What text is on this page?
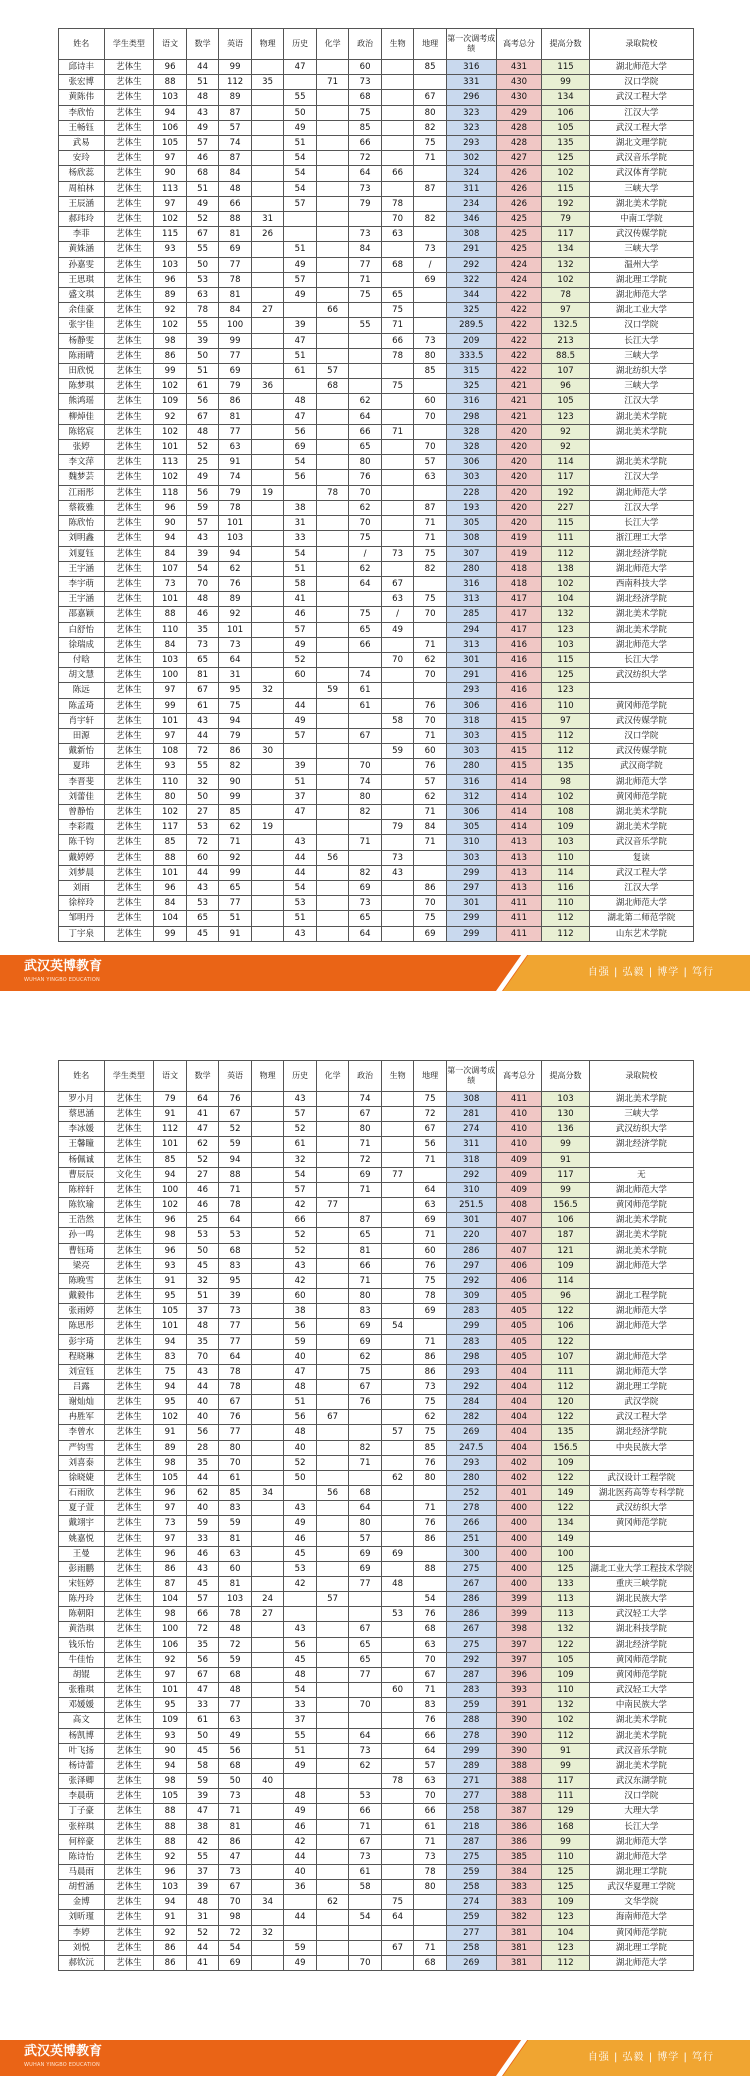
姓名	学生类型	语文	数学	英语	物理	历史	化学	政治	生物	地理	第一次调考成绩	高考总分	提高分数	录取院校
邱诗丰	艺体生	96	44	99		47		60		85	316	431	115	湖北师范大学
张宏博	艺体生	88	51	112	35		71	73			331	430	99	汉口学院
黄陈伟	艺体生	103	48	89		55		68		67	296	430	134	武汉工程大学
李欣怡	艺体生	94	43	87		50		75		80	323	429	106	江汉大学
王畅钰	艺体生	106	49	57		49		85		82	323	428	105	武汉工程大学
武易	艺体生	105	57	74		51		66		75	293	428	135	湖北文理学院
安玲	艺体生	97	46	87		54		72		71	302	427	125	武汉音乐学院
杨欣蕊	艺体生	90	68	84		54		64	66		324	426	102	武汉体育学院
周柏林	艺体生	113	51	48		54		73		87	311	426	115	三峡大学
王辰涵	艺体生	97	49	66		57		79	78		234	426	192	湖北美术学院
郝玮玲	艺体生	102	52	88	31				70	82	346	425	79	中南工学院
李菲	艺体生	115	67	81	26			73	63		308	425	117	武汉传媒学院
黄姝涵	艺体生	93	55	69		51		84		73	291	425	134	三峡大学
孙嘉雯	艺体生	103	50	77		49		77	68	/	292	424	132	温州大学
王思琪	艺体生	96	53	78		57		71		69	322	424	102	湖北理工学院
盛文琪	艺体生	89	63	81		49		75	65		344	422	78	湖北师范大学
余佳豪	艺体生	92	78	84	27		66		75		325	422	97	湖北工业大学
张宇佳	艺体生	102	55	100		39		55	71		289.5	422	132.5	汉口学院
杨静雯	艺体生	98	39	99		47			66	73	209	422	213	长江大学
陈雨晴	艺体生	86	50	77		51			78	80	333.5	422	88.5	三峡大学
田欣悦	艺体生	99	51	69		61	57			85	315	422	107	湖北纺织大学
陈梦琪	艺体生	102	61	79	36		68		75		325	421	96	三峡大学
熊鸿瑶	艺体生	109	56	86		48		62		60	316	421	105	江汉大学
柳焯佳	艺体生	92	67	81		47		64		70	298	421	123	湖北美术学院
陈铭宸	艺体生	102	48	77		56		66	71		328	420	92	湖北美术学院
张婷	艺体生	101	52	63		69		65		70	328	420	92	
李文萍	艺体生	113	25	91		54		80		57	306	420	114	湖北美术学院
魏梦芸	艺体生	102	49	74		56		76		63	303	420	117	江汉大学
江雨彤	艺体生	118	56	79	19		78	70			228	420	192	湖北师范大学
蔡筱雅	艺体生	96	59	78		38		62		87	193	420	227	江汉大学
陈欣怡	艺体生	90	57	101		31		70		71	305	420	115	长江大学
刘明鑫	艺体生	94	43	103		33		75		71	308	419	111	浙江理工大学
刘夏钰	艺体生	84	39	94		54		/	73	75	307	419	112	湖北经济学院
王宇涵	艺体生	107	54	62		51		62		82	280	418	138	湖北师范大学
李宇萌	艺体生	73	70	76		58		64	67		316	418	102	西南科技大学
王宇涵	艺体生	101	48	89		41			63	75	313	417	104	湖北经济学院
邵嘉颖	艺体生	88	46	92		46		75	/	70	285	417	132	湖北美术学院
白舒怡	艺体生	110	35	101		57		65	49		294	417	123	湖北美术学院
徐瑞成	艺体生	84	73	73		49		66		71	313	416	103	湖北师范大学
付晗	艺体生	103	65	64		52			70	62	301	416	115	长江大学
胡文慧	艺体生	100	81	31		60		74		70	291	416	125	武汉纺织大学
陈远	艺体生	97	67	95	32		59	61			293	416	123	
陈孟琦	艺体生	99	61	75		44		61		76	306	416	110	黄冈师范学院
肖宇轩	艺体生	101	43	94		49			58	70	318	415	97	武汉传媒学院
田源	艺体生	97	44	79		57		67		71	303	415	112	汉口学院
戴新怡	艺体生	108	72	86	30				59	60	303	415	112	武汉传媒学院
夏玮	艺体生	93	55	82		39		70		76	280	415	135	武汉商学院
李晋斐	艺体生	110	32	90		51		74		57	316	414	98	湖北师范大学
刘蕾佳	艺体生	80	50	99		37		80		62	312	414	102	黄冈师范学院
曾静怡	艺体生	102	27	85		47		82		71	306	414	108	湖北美术学院
李彩霞	艺体生	117	53	62	19				79	84	305	414	109	湖北美术学院
陈千钧	艺体生	85	72	71		43		71		71	310	413	103	武汉音乐学院
戴婷婷	艺体生	88	60	92		44	56		73		303	413	110	复读
刘梦晨	艺体生	101	44	99		44		82	43		299	413	114	武汉工程大学
刘雨	艺体生	96	43	65		54		69		86	297	413	116	江汉大学
徐梓玲	艺体生	84	53	77		53		73		70	301	411	110	湖北师范大学
邹明丹	艺体生	104	65	51		51		65		75	299	411	112	湖北第二师范学院
丁宇泉	艺体生	99	45	91		43		64		69	299	411	112	山东艺术学院
武汉英博教育
WUHAN YINGBO EDUCATION
自强 | 弘毅 | 博学 | 笃行
姓名	学生类型	语文	数学	英语	物理	历史	化学	政治	生物	地理	第一次调考成绩	高考总分	提高分数	录取院校
罗小月	艺体生	79	64	76		43		74		75	308	411	103	湖北美术学院
蔡思涵	艺体生	91	41	67		57		67		72	281	410	130	三峡大学
李冰媛	艺体生	112	47	52		52		80		67	274	410	136	武汉纺织大学
王馨瞳	艺体生	101	62	59		61		71		56	311	410	99	湖北经济学院
杨佩诚	艺体生	85	52	94		32		72		71	318	409	91	
曹辰辰	文化生	94	27	88		54		69	77		292	409	117	无
陈梓轩	艺体生	100	46	71		57		71		64	310	409	99	湖北师范大学
陈钦瑜	艺体生	102	46	78		42	77			63	251.5	408	156.5	黄冈师范学院
王浩然	艺体生	96	25	64		66		87		69	301	407	106	湖北美术学院
孙一鸣	艺体生	98	53	53		52		65		71	220	407	187	湖北美术学院
曹钰琦	艺体生	96	50	68		52		81		60	286	407	121	湖北美术学院
梁亮	艺体生	93	45	83		43		66		76	297	406	109	湖北师范大学
陈晚雪	艺体生	91	32	95		42		71		75	292	406	114	
戴毅伟	艺体生	95	51	39		60		80		78	309	405	96	湖北工程学院
张雨婷	艺体生	105	37	73		38		83		69	283	405	122	湖北师范大学
陈思彤	艺体生	101	48	77		56		69	54		299	405	106	湖北师范大学
彭宇琦	艺体生	94	35	77		59		69		71	283	405	122	
程晓琳	艺体生	83	70	64		40		62		86	298	405	107	湖北师范大学
刘宣钰	艺体生	75	43	78		47		75		86	293	404	111	湖北师范大学
吕露	艺体生	94	44	78		48		67		73	292	404	112	湖北理工学院
谢灿灿	艺体生	95	40	67		51		76		75	284	404	120	武汉学院
冉胜军	艺体生	102	40	76		56	67			62	282	404	122	武汉工程大学
李曾水	艺体生	91	56	77		48			57	75	269	404	135	湖北经济学院
严钧雪	艺体生	89	28	80		40		82		85	247.5	404	156.5	中央民族大学
刘喜泰	艺体生	98	35	70		52		71		76	293	402	109	
徐晓婕	艺体生	105	44	61		50			62	80	280	402	122	武汉设计工程学院
石雨欣	艺体生	96	62	85	34		56	68			252	401	149	湖北医药高等专科学院
夏子萱	艺体生	97	40	83		43		64		71	278	400	122	武汉纺织大学
戴翊宇	艺体生	73	59	59		49		80		76	266	400	134	黄冈师范学院
姚嘉悦	艺体生	97	33	81		46		57		86	251	400	149	
王曼	艺体生	96	46	63		45		69	69		300	400	100	
彭雨鹏	艺体生	86	43	60		53		69		88	275	400	125	湖北工业大学工程技术学院
宋钰婷	艺体生	87	45	81		42		77	48		267	400	133	重庆三峡学院
陈丹玲	艺体生	104	57	103	24		57			54	286	399	113	湖北民族大学
陈朝阳	艺体生	98	66	78	27				53	76	286	399	113	武汉轻工大学
黄浩琪	艺体生	100	72	48		43		67		68	267	398	132	湖北科技学院
钱乐怡	艺体生	106	35	72		56		65		63	275	397	122	湖北经济学院
牛佳怡	艺体生	92	56	59		45		65		70	292	397	105	黄冈师范学院
胡锟	艺体生	97	67	68		48		77		67	287	396	109	黄冈师范学院
张雅琪	艺体生	101	47	48		54			60	71	283	393	110	武汉轻工大学
邓媛媛	艺体生	95	33	77		33		70		83	259	391	132	中南民族大学
高文	艺体生	109	61	63		37				76	288	390	102	湖北美术学院
杨凯博	艺体生	93	50	49		55		64		66	278	390	112	湖北美术学院
叶飞扬	艺体生	90	45	56		51		73		64	299	390	91	武汉音乐学院
杨诗蕾	艺体生	94	58	68		49		62		57	289	388	99	湖北美术学院
张泽卿	艺体生	98	59	50	40				78	63	271	388	117	武汉东湖学院
李晨萌	艺体生	105	39	73		48		53		70	277	388	111	汉口学院
丁子豪	艺体生	88	47	71		49		66		66	258	387	129	大理大学
张梓琪	艺体生	88	38	81		46		71		61	218	386	168	长江大学
何梓豪	艺体生	88	42	86		42		67		71	287	386	99	湖北师范大学
陈诗怡	艺体生	92	55	47		44		73		73	275	385	110	湖北师范大学
马晨雨	艺体生	96	37	73		40		61		78	259	384	125	湖北理工学院
胡哲涵	艺体生	103	39	67		36		58		80	258	383	125	武汉华夏理工学院
金博	艺体生	94	48	70	34		62		75		274	383	109	文华学院
刘昕瑾	艺体生	91	31	98		44		54	64		259	382	123	海南师范大学
李婷	艺体生	92	52	72	32						277	381	104	黄冈师范学院
刘悦	艺体生	86	44	54		59			67	71	258	381	123	湖北理工学院
郝钦沅	艺体生	86	41	69		49		70		68	269	381	112	湖北师范大学
武汉英博教育
WUHAN YINGBO EDUCATION
自强 | 弘毅 | 博学 | 笃行
